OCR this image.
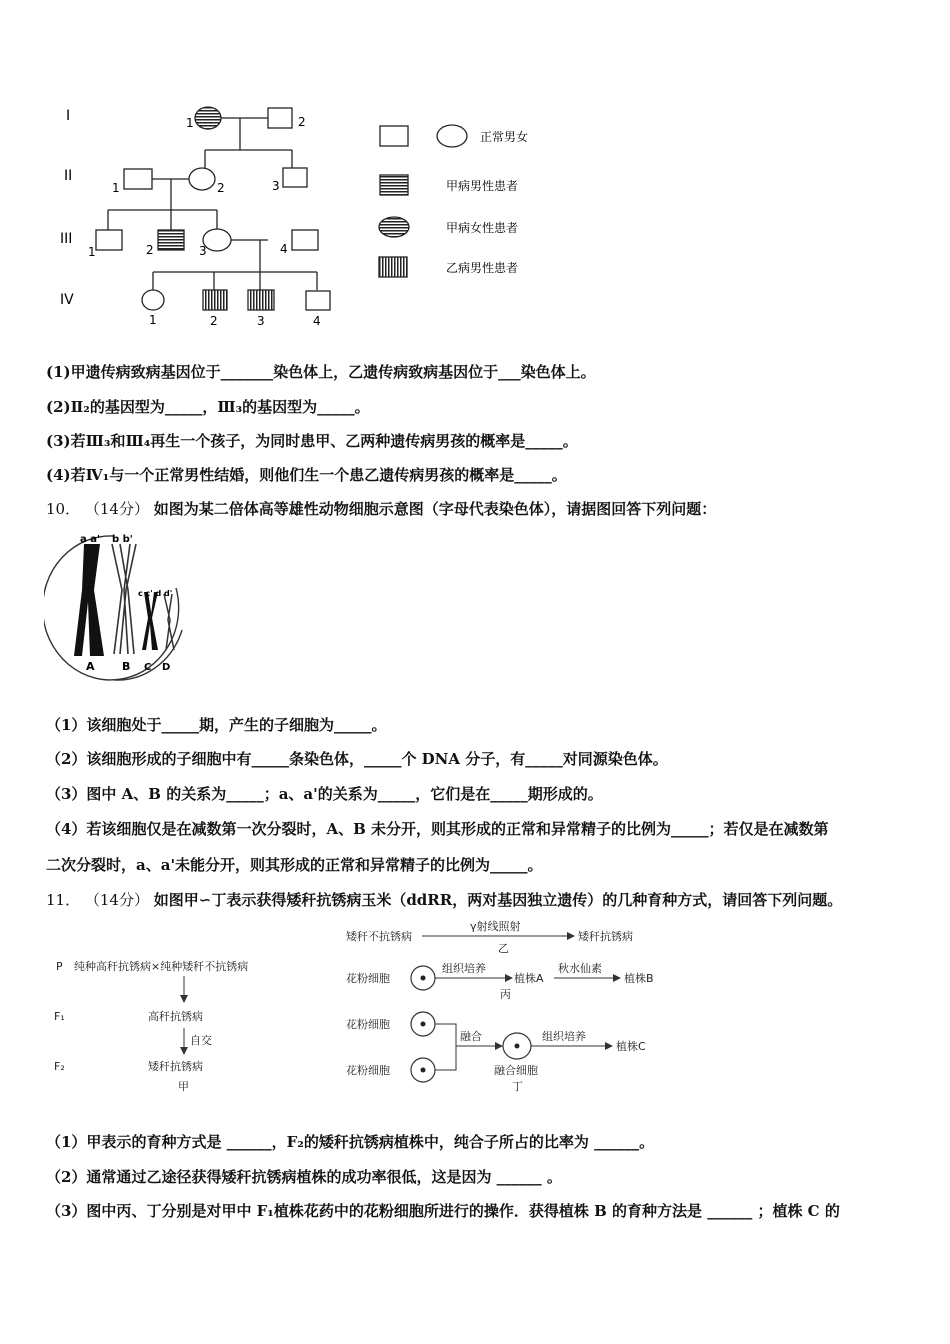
I
II
III
IV
1	2
1	2	3
1	2	3	4
1	2	3	4
正常男女
甲病男性患者
甲病女性患者
乙病男性患者
(1)甲遗传病致病基因位于_______染色体上，乙遗传病致病基因位于___染色体上。
(2)Ⅱ₂的基因型为_____，Ⅲ₃的基因型为_____。
(3)若Ⅲ₃和Ⅲ₄再生一个孩子，为同时患甲、乙两种遗传病男孩的概率是_____。
(4)若Ⅳ₁与一个正常男性结婚，则他们生一个患乙遗传病男孩的概率是_____。
10． （14分） 如图为某二倍体高等雄性动物细胞示意图（字母代表染色体），请据图回答下列问题：
a a' b b'
c c' d d'
A B C D
（1）该细胞处于_____期，产生的子细胞为_____。
（2）该细胞形成的子细胞中有_____条染色体，_____个 DNA 分子，有_____对同源染色体。
（3）图中 A、B 的关系为_____；a、a'的关系为_____，它们是在_____期形成的。
（4）若该细胞仅是在减数第一次分裂时，A、B 未分开，则其形成的正常和异常精子的比例为_____；若仅是在减数第
二次分裂时，a、a'未能分开，则其形成的正常和异常精子的比例为_____。
11． （14分） 如图甲∽丁表示获得矮秆抗锈病玉米（ddRR，两对基因独立遗传）的几种育种方式，请回答下列问题。
P 纯种高秆抗锈病×纯种矮秆不抗锈病
F₁	高秆抗锈病
自交
F₂	矮秆抗锈病
甲
矮秆不抗锈病
γ射线照射
矮秆抗锈病
乙
花粉细胞
组织培养
植株A
秋水仙素
植株B
丙
花粉细胞
花粉细胞
融合	组织培养
植株C
融合细胞
丁
（1）甲表示的育种方式是 ______，F₂的矮秆抗锈病植株中，纯合子所占的比率为 ______。
（2）通常通过乙途径获得矮秆抗锈病植株的成功率很低，这是因为 ______ 。
（3）图中丙、丁分别是对甲中 F₁植株花药中的花粉细胞所进行的操作．获得植株 B 的育种方法是 ______ ；植株 C 的
